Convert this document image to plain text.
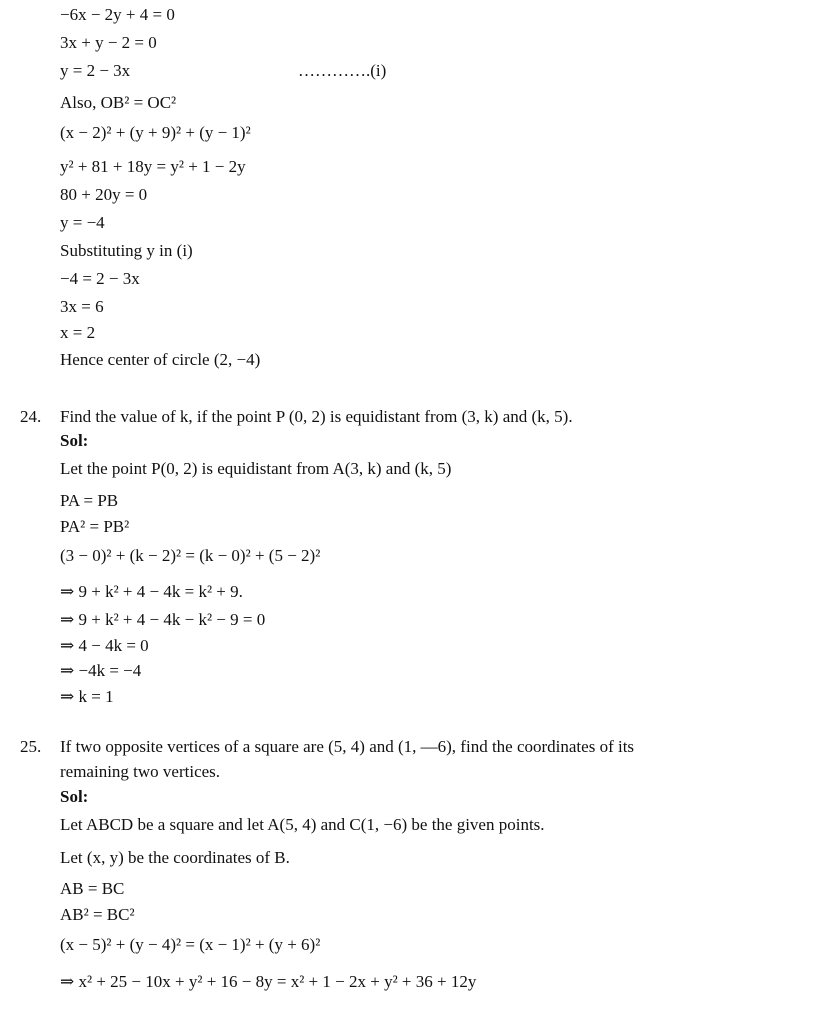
−6x − 2y + 4 = 0
3x + y − 2 = 0
y = 2 − 3x	………….(i)
Also, OB² = OC²
(x − 2)² + (y + 9)² + (y − 1)²
y² + 81 + 18y = y² + 1 − 2y
80 + 20y = 0
y = −4
Substituting y in (i)
−4 = 2 − 3x
3x = 6
x = 2
Hence center of circle (2, −4)
24. Find the value of k, if the point P (0, 2) is equidistant from (3, k) and (k, 5).
Sol:
Let the point P(0, 2) is equidistant from A(3, k) and (k, 5)
PA = PB
PA² = PB²
(3 − 0)² + (k − 2)² = (k − 0)² + (5 − 2)²
⇒ 9 + k² + 4 − 4k = k² + 9.
⇒ 9 + k² + 4 − 4k − k² − 9 = 0
⇒ 4 − 4k = 0
⇒ −4k = −4
⇒ k = 1
25. If two opposite vertices of a square are (5, 4) and (1, —6), find the coordinates of its
remaining two vertices.
Sol:
Let ABCD be a square and let A(5, 4) and C(1, −6) be the given points.
Let (x, y) be the coordinates of B.
AB = BC
AB² = BC²
(x − 5)² + (y − 4)² = (x − 1)² + (y + 6)²
⇒ x² + 25 − 10x + y² + 16 − 8y = x² + 1 − 2x + y² + 36 + 12y
